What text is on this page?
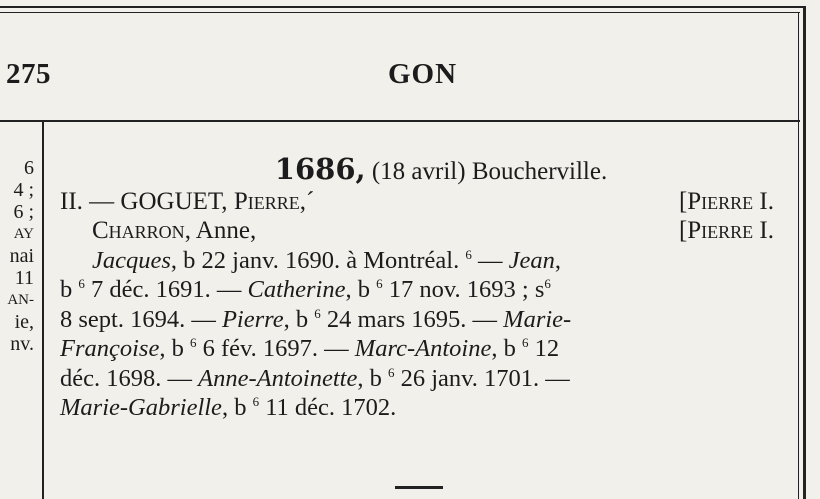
275	GON
6
4 ;
6 ;
AY
nai
11
AN-
ie,
nv.
1686, (18 avril) Boucherville.
II. — GOGUET, Pierre,´	[Pierre I.
Charron, Anne,	[Pierre I.
Jacques, b 22 janv. 1690. à Montréal. $^6$ — Jean,
b $^6$ 7 déc. 1691. — Catherine, b $^6$ 17 nov. 1693 ; $s^6$
8 sept. 1694. — Pierre, b $^6$ 24 mars 1695. — Marie-
Françoise, b $^6$ 6 fév. 1697. — Marc-Antoine, b $^6$ 12
déc. 1698. — Anne-Antoinette, b $^6$ 26 janv. 1701. —
Marie-Gabrielle, b $^6$ 11 déc. 1702.
